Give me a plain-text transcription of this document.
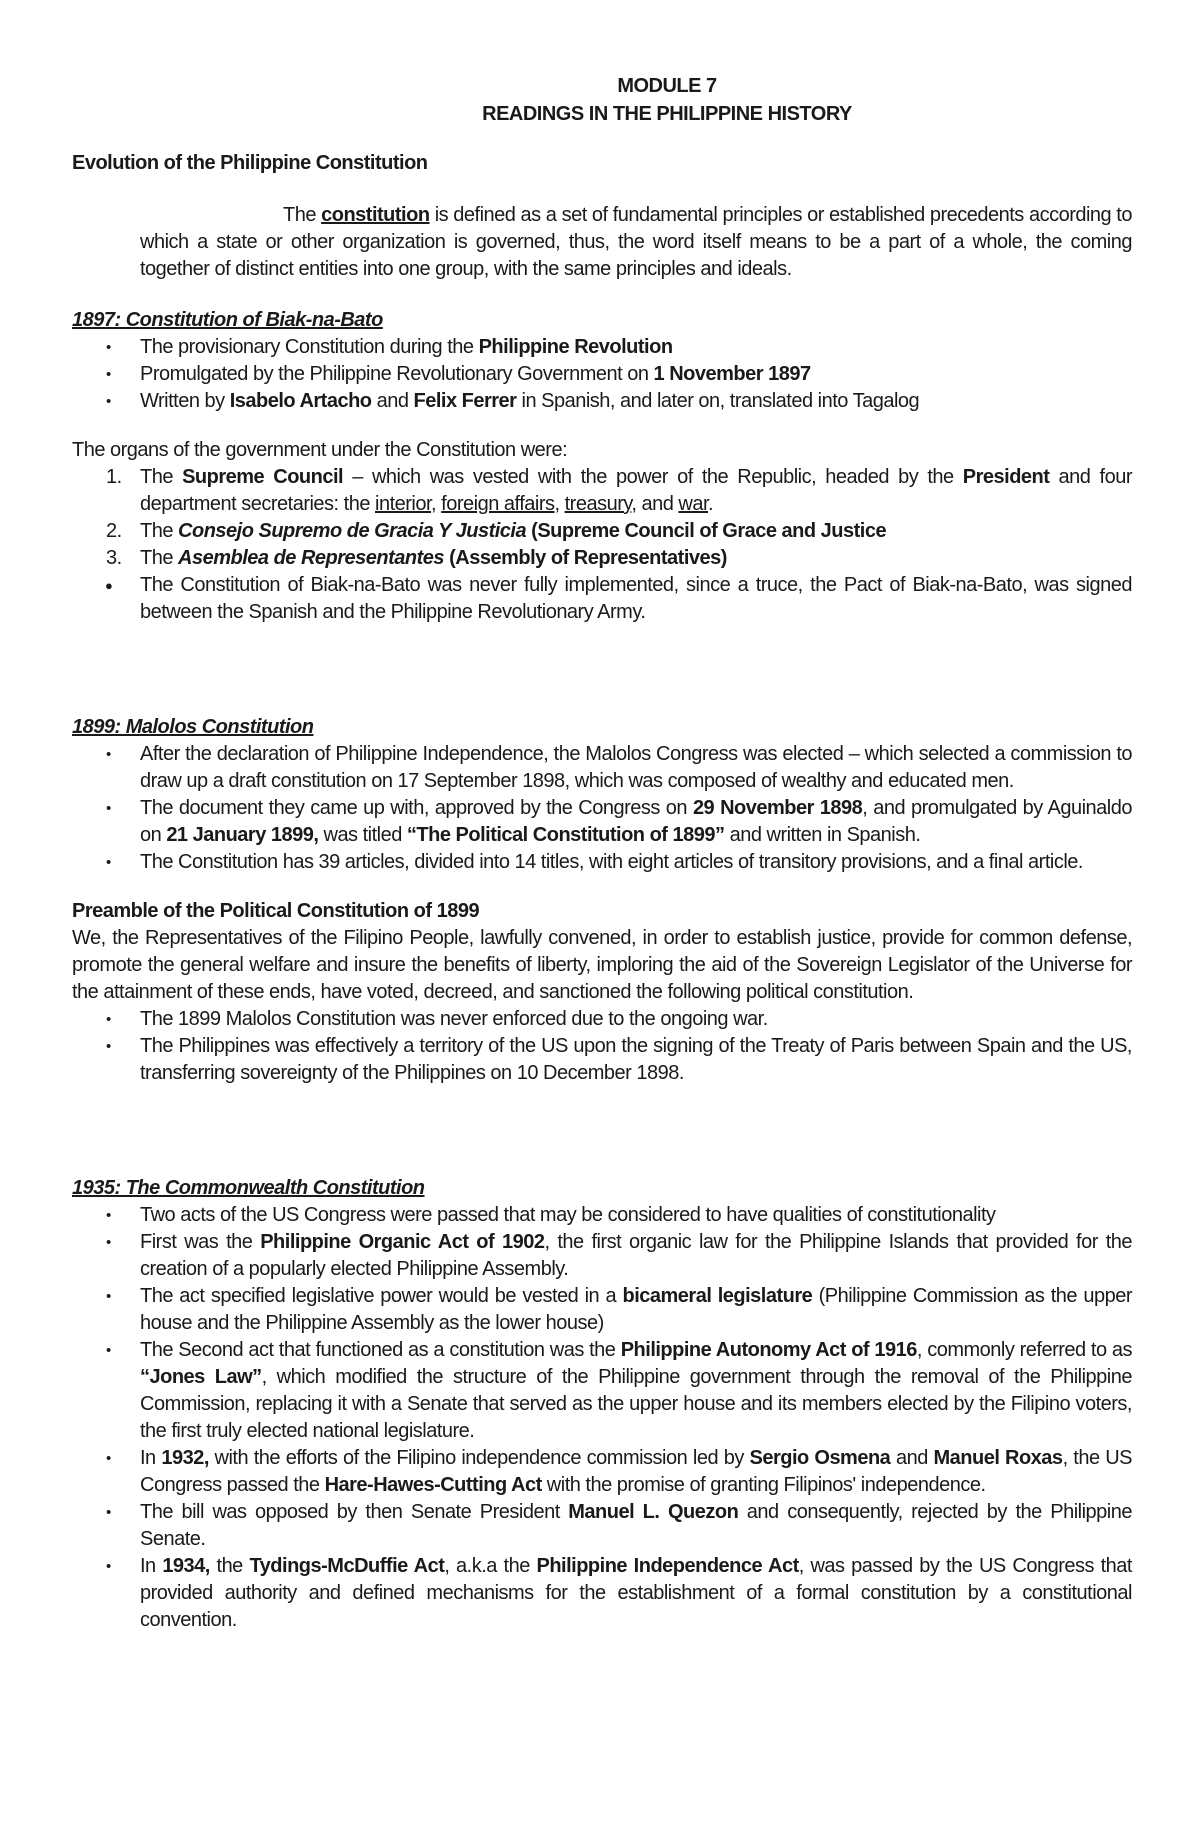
MODULE 7
READINGS IN THE PHILIPPINE HISTORY
Evolution of the Philippine Constitution
The constitution is defined as a set of fundamental principles or established precedents according to which a state or other organization is governed, thus, the word itself means to be a part of a whole, the coming together of distinct entities into one group, with the same principles and ideals.
1897: Constitution of Biak-na-Bato
• The provisionary Constitution during the Philippine Revolution
• Promulgated by the Philippine Revolutionary Government on 1 November 1897
• Written by Isabelo Artacho and Felix Ferrer in Spanish, and later on, translated into Tagalog
The organs of the government under the Constitution were:
1. The Supreme Council – which was vested with the power of the Republic, headed by the President and four department secretaries: the interior, foreign affairs, treasury, and war.
2. The Consejo Supremo de Gracia Y Justicia (Supreme Council of Grace and Justice
3. The Asemblea de Representantes (Assembly of Representatives)
● The Constitution of Biak-na-Bato was never fully implemented, since a truce, the Pact of Biak-na-Bato, was signed between the Spanish and the Philippine Revolutionary Army.
1899: Malolos Constitution
• After the declaration of Philippine Independence, the Malolos Congress was elected – which selected a commission to draw up a draft constitution on 17 September 1898, which was composed of wealthy and educated men.
• The document they came up with, approved by the Congress on 29 November 1898, and promulgated by Aguinaldo on 21 January 1899, was titled “The Political Constitution of 1899” and written in Spanish.
• The Constitution has 39 articles, divided into 14 titles, with eight articles of transitory provisions, and a final article.
Preamble of the Political Constitution of 1899
We, the Representatives of the Filipino People, lawfully convened, in order to establish justice, provide for common defense, promote the general welfare and insure the benefits of liberty, imploring the aid of the Sovereign Legislator of the Universe for the attainment of these ends, have voted, decreed, and sanctioned the following political constitution.
• The 1899 Malolos Constitution was never enforced due to the ongoing war.
• The Philippines was effectively a territory of the US upon the signing of the Treaty of Paris between Spain and the US, transferring sovereignty of the Philippines on 10 December 1898.
1935: The Commonwealth Constitution
• Two acts of the US Congress were passed that may be considered to have qualities of constitutionality
• First was the Philippine Organic Act of 1902, the first organic law for the Philippine Islands that provided for the creation of a popularly elected Philippine Assembly.
• The act specified legislative power would be vested in a bicameral legislature (Philippine Commission as the upper house and the Philippine Assembly as the lower house)
• The Second act that functioned as a constitution was the Philippine Autonomy Act of 1916, commonly referred to as “Jones Law”, which modified the structure of the Philippine government through the removal of the Philippine Commission, replacing it with a Senate that served as the upper house and its members elected by the Filipino voters, the first truly elected national legislature.
• In 1932, with the efforts of the Filipino independence commission led by Sergio Osmena and Manuel Roxas, the US Congress passed the Hare-Hawes-Cutting Act with the promise of granting Filipinos' independence.
• The bill was opposed by then Senate President Manuel L. Quezon and consequently, rejected by the Philippine Senate.
• In 1934, the Tydings-McDuffie Act, a.k.a the Philippine Independence Act, was passed by the US Congress that provided authority and defined mechanisms for the establishment of a formal constitution by a constitutional convention.
